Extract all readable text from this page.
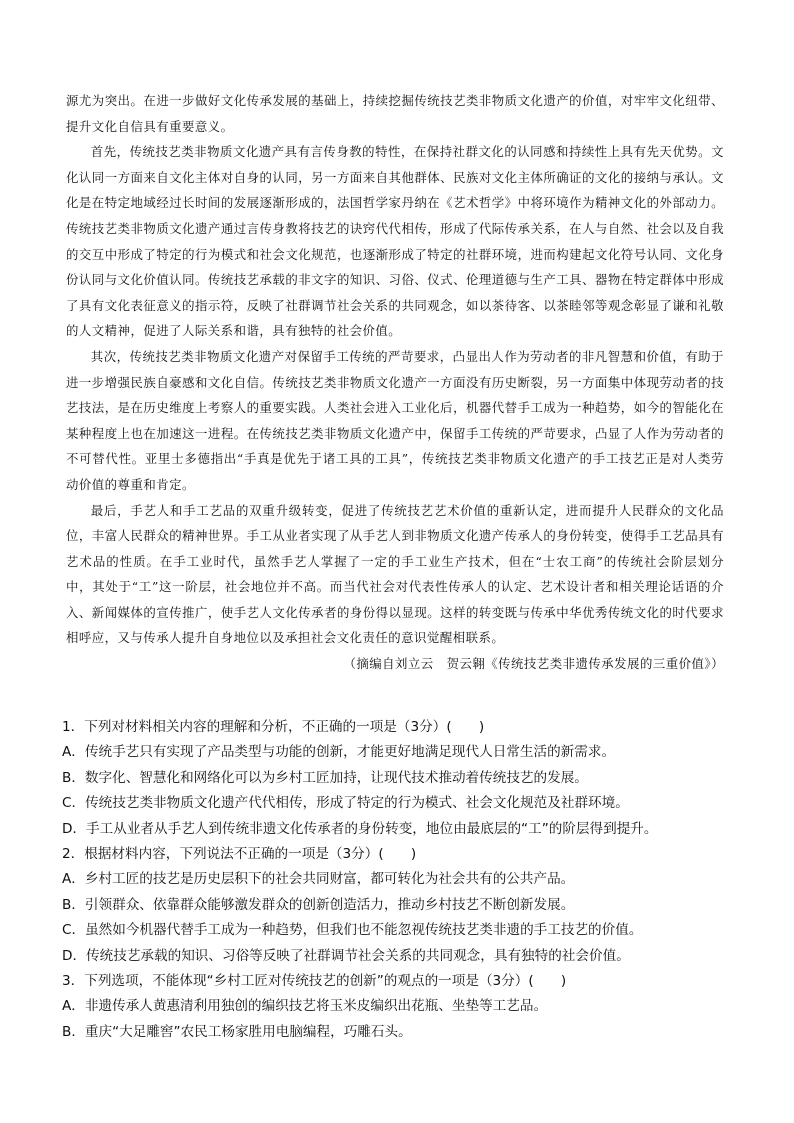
源尤为突出。在进一步做好文化传承发展的基础上，持续挖掘传统技艺类非物质文化遗产的价值，对牢牢文化纽带、提升文化自信具有重要意义。

首先，传统技艺类非物质文化遗产具有言传身教的特性，在保持社群文化的认同感和持续性上具有先天优势。文化认同一方面来自文化主体对自身的认同，另一方面来自其他群体、民族对文化主体所确证的文化的接纳与承认。文化是在特定地域经过长时间的发展逐渐形成的，法国哲学家丹纳在《艺术哲学》中将环境作为精神文化的外部动力。传统技艺类非物质文化遗产通过言传身教将技艺的诀窍代代相传，形成了代际传承关系，在人与自然、社会以及自我的交互中形成了特定的行为模式和社会文化规范，也逐渐形成了特定的社群环境，进而构建起文化符号认同、文化身份认同与文化价值认同。传统技艺承载的非文字的知识、习俗、仪式、伦理道德与生产工具、器物在特定群体中形成了具有文化表征意义的指示符，反映了社群调节社会关系的共同观念，如以茶待客、以茶睦邻等观念彰显了谦和礼敬的人文精神，促进了人际关系和谐，具有独特的社会价值。

其次，传统技艺类非物质文化遗产对保留手工传统的严苛要求，凸显出人作为劳动者的非凡智慧和价值，有助于进一步增强民族自豪感和文化自信。传统技艺类非物质文化遗产一方面没有历史断裂，另一方面集中体现劳动者的技艺技法，是在历史维度上考察人的重要实践。人类社会进入工业化后，机器代替手工成为一种趋势，如今的智能化在某种程度上也在加速这一进程。在传统技艺类非物质文化遗产中，保留手工传统的严苛要求，凸显了人作为劳动者的不可替代性。亚里士多德指出“手真是优先于诸工具的工具”，传统技艺类非物质文化遗产的手工技艺正是对人类劳动价值的尊重和肯定。

最后，手艺人和手工艺品的双重升级转变，促进了传统技艺艺术价值的重新认定，进而提升人民群众的文化品位，丰富人民群众的精神世界。手工从业者实现了从手艺人到非物质文化遗产传承人的身份转变，使得手工艺品具有艺术品的性质。在手工业时代，虽然手艺人掌握了一定的手工业生产技术，但在“士农工商”的传统社会阶层划分中，其处于“工”这一阶层，社会地位并不高。而当代社会对代表性传承人的认定、艺术设计者和相关理论话语的介入、新闻媒体的宣传推广，使手艺人文化传承者的身份得以显现。这样的转变既与传承中华优秀传统文化的时代要求相呼应，又与传承人提升自身地位以及承担社会文化责任的意识觉醒相联系。

（摘编自刘立云　贺云翱《传统技艺类非遗传承发展的三重价值》）

1．下列对材料相关内容的理解和分析，不正确的一项是（3分）(　　)
A．传统手艺只有实现了产品类型与功能的创新，才能更好地满足现代人日常生活的新需求。
B．数字化、智慧化和网络化可以为乡村工匠加持，让现代技术推动着传统技艺的发展。
C．传统技艺类非物质文化遗产代代相传，形成了特定的行为模式、社会文化规范及社群环境。
D．手工从业者从手艺人到传统非遗文化传承者的身份转变，地位由最底层的“工”的阶层得到提升。
2．根据材料内容，下列说法不正确的一项是（3分）(　　)
A．乡村工匠的技艺是历史层积下的社会共同财富，都可转化为社会共有的公共产品。
B．引领群众、依靠群众能够激发群众的创新创造活力，推动乡村技艺不断创新发展。
C．虽然如今机器代替手工成为一种趋势，但我们也不能忽视传统技艺类非遗的手工技艺的价值。
D．传统技艺承载的知识、习俗等反映了社群调节社会关系的共同观念，具有独特的社会价值。
3．下列选项，不能体现“乡村工匠对传统技艺的创新”的观点的一项是（3分）(　　)
A．非遗传承人黄惠清利用独创的编织技艺将玉米皮编织出花瓶、坐垫等工艺品。
B．重庆“大足雕窖”农民工杨家胜用电脑编程，巧雕石头。
